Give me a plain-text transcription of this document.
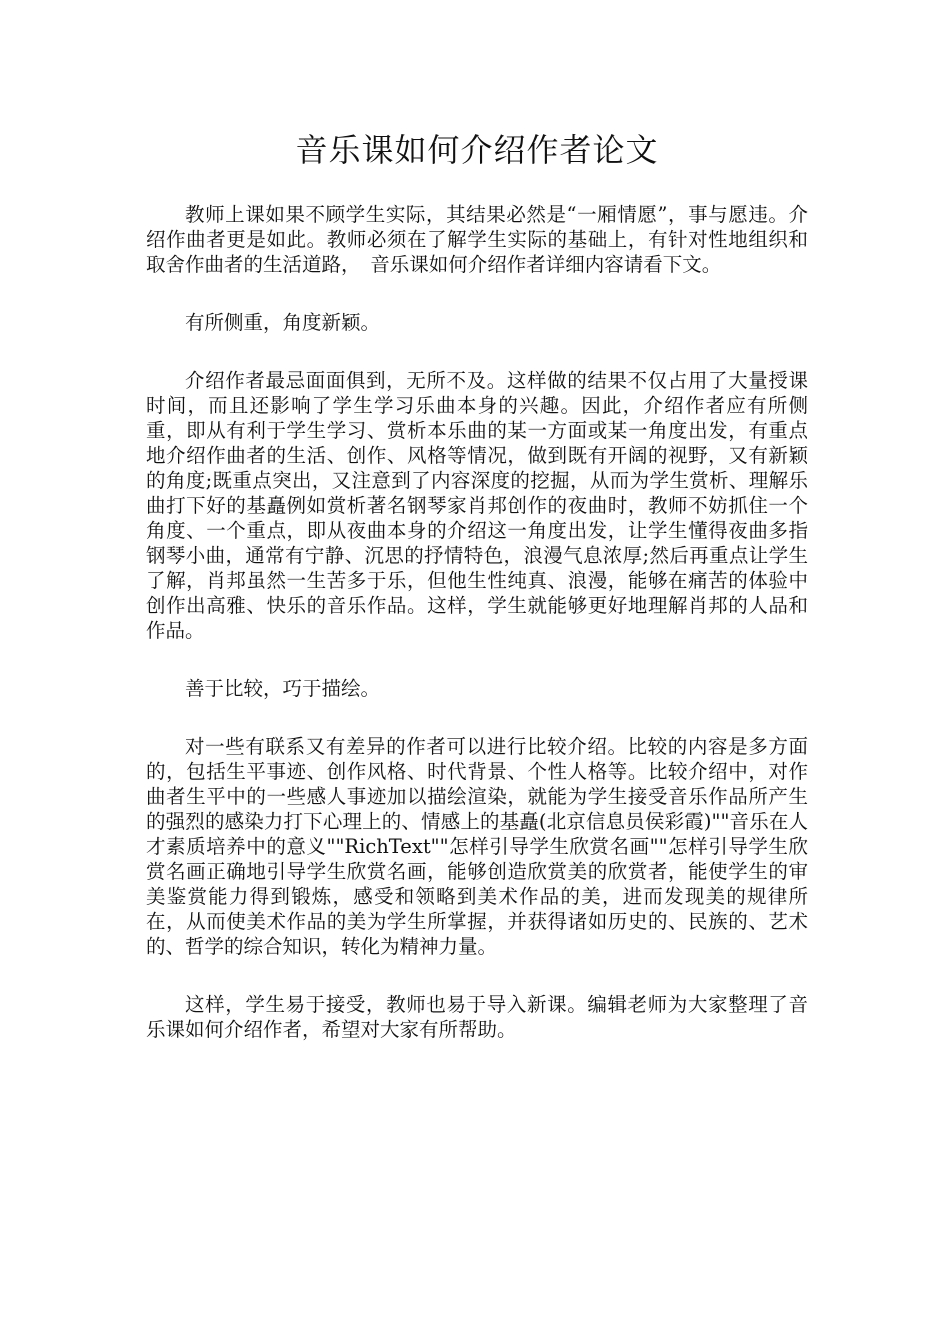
音乐课如何介绍作者论文

教师上课如果不顾学生实际，其结果必然是“一厢情愿”，事与愿违。介绍作曲者更是如此。教师必须在了解学生实际的基础上，有针对性地组织和取舍作曲者的生活道路，　音乐课如何介绍作者详细内容请看下文。

有所侧重，角度新颖。

介绍作者最忌面面俱到，无所不及。这样做的结果不仅占用了大量授课时间，而且还影响了学生学习乐曲本身的兴趣。因此，介绍作者应有所侧重，即从有利于学生学习、赏析本乐曲的某一方面或某一角度出发，有重点地介绍作曲者的生活、创作、风格等情况，做到既有开阔的视野，又有新颖的角度;既重点突出，又注意到了内容深度的挖掘，从而为学生赏析、理解乐曲打下好的基矗例如赏析著名钢琴家肖邦创作的夜曲时，教师不妨抓住一个角度、一个重点，即从夜曲本身的介绍这一角度出发，让学生懂得夜曲多指钢琴小曲，通常有宁静、沉思的抒情特色，浪漫气息浓厚;然后再重点让学生了解，肖邦虽然一生苦多于乐，但他生性纯真、浪漫，能够在痛苦的体验中创作出高雅、快乐的音乐作品。这样，学生就能够更好地理解肖邦的人品和作品。

善于比较，巧于描绘。

对一些有联系又有差异的作者可以进行比较介绍。比较的内容是多方面的，包括生平事迹、创作风格、时代背景、个性人格等。比较介绍中，对作曲者生平中的一些感人事迹加以描绘渲染，就能为学生接受音乐作品所产生的强烈的感染力打下心理上的、情感上的基矗(北京信息员侯彩霞)""音乐在人才素质培养中的意义""RichText""怎样引导学生欣赏名画""怎样引导学生欣赏名画正确地引导学生欣赏名画，能够创造欣赏美的欣赏者，能使学生的审美鉴赏能力得到锻炼，感受和领略到美术作品的美，进而发现美的规律所在，从而使美术作品的美为学生所掌握，并获得诸如历史的、民族的、艺术的、哲学的综合知识，转化为精神力量。

这样，学生易于接受，教师也易于导入新课。编辑老师为大家整理了音乐课如何介绍作者，希望对大家有所帮助。
